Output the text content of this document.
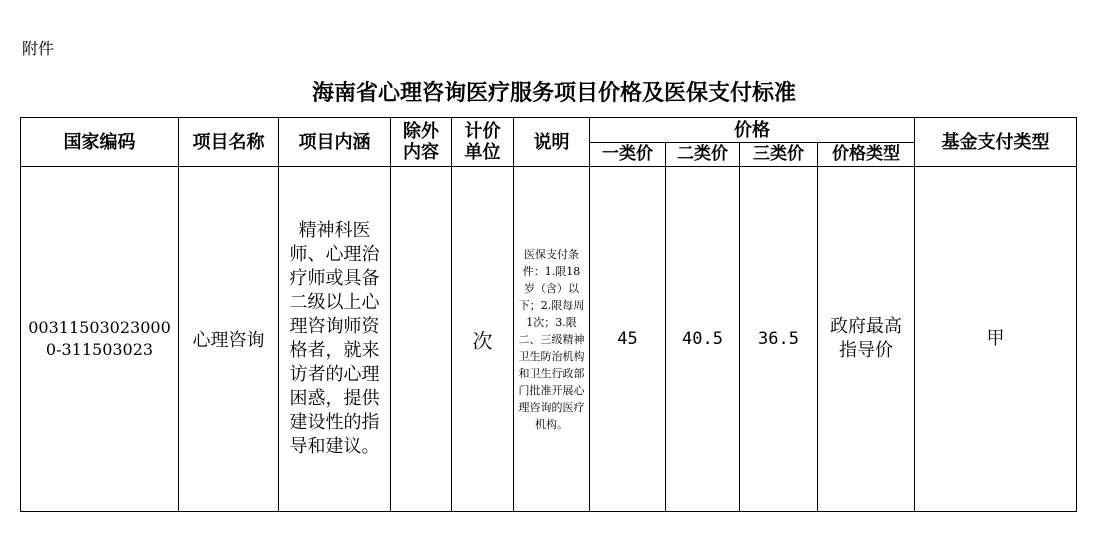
附件
海南省心理咨询医疗服务项目价格及医保支付标准
国家编码	项目名称	项目内涵	除外内容	计价单位	说明	价格				基金支付类型
						一类价	二类价	三类价	价格类型	
003115030230000-311503023	心理咨询	精神科医师、心理治疗师或具备二级以上心理咨询师资格者，就来访者的心理困惑，提供建设性的指导和建议。		次	医保支付条件：1.限18岁（含）以下；2.限每周1次；3.限二、三级精神卫生防治机构和卫生行政部门批准开展心理咨询的医疗机构。	45	40.5	36.5	政府最高指导价	甲
